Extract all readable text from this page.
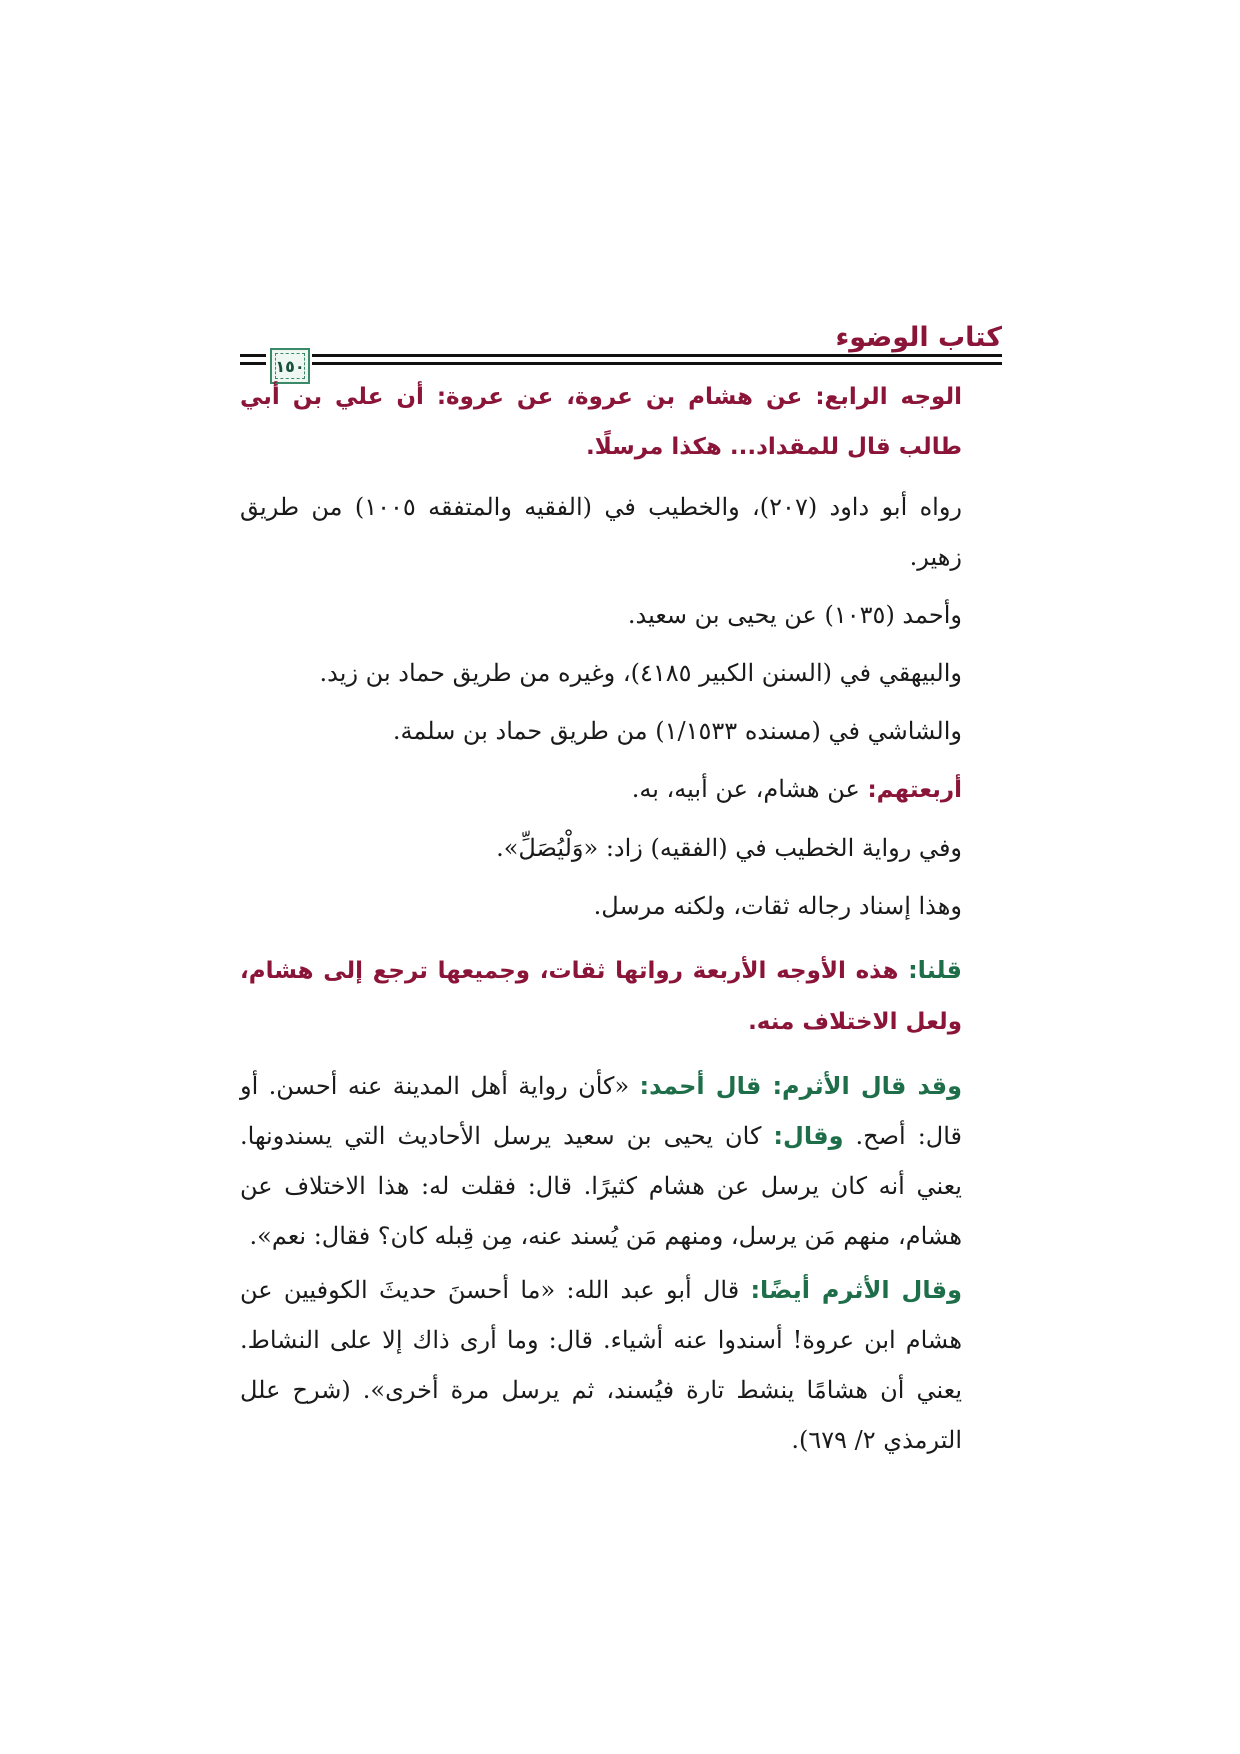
كتاب الوضوء
١٥٠

الوجه الرابع: عن هشام بن عروة، عن عروة: أن علي بن أبي طالب قال للمقداد... هكذا مرسلًا.

رواه أبو داود (٢٠٧)، والخطيب في (الفقيه والمتفقه ١٠٠٥) من طريق زهير.

وأحمد (١٠٣٥) عن يحيى بن سعيد.

والبيهقي في (السنن الكبير ٤١٨٥)، وغيره من طريق حماد بن زيد.

والشاشي في (مسنده ١/١٥٣٣) من طريق حماد بن سلمة.

أربعتهم: عن هشام، عن أبيه، به.

وفي رواية الخطيب في (الفقيه) زاد: «وَلْيُصَلِّ».

وهذا إسناد رجاله ثقات، ولكنه مرسل.

قلنا: هذه الأوجه الأربعة رواتها ثقات، وجميعها ترجع إلى هشام، ولعل الاختلاف منه.

وقد قال الأثرم: قال أحمد: «كأن رواية أهل المدينة عنه أحسن. أو قال: أصح. وقال: كان يحيى بن سعيد يرسل الأحاديث التي يسندونها. يعني أنه كان يرسل عن هشام كثيرًا. قال: فقلت له: هذا الاختلاف عن هشام، منهم مَن يرسل، ومنهم مَن يُسند عنه، مِن قِبله كان؟ فقال: نعم».

وقال الأثرم أيضًا: قال أبو عبد الله: «ما أحسنَ حديثَ الكوفيين عن هشام ابن عروة! أسندوا عنه أشياء. قال: وما أرى ذاك إلا على النشاط. يعني أن هشامًا ينشط تارة فيُسند، ثم يرسل مرة أخرى». (شرح علل الترمذي ٢/ ٦٧٩).
